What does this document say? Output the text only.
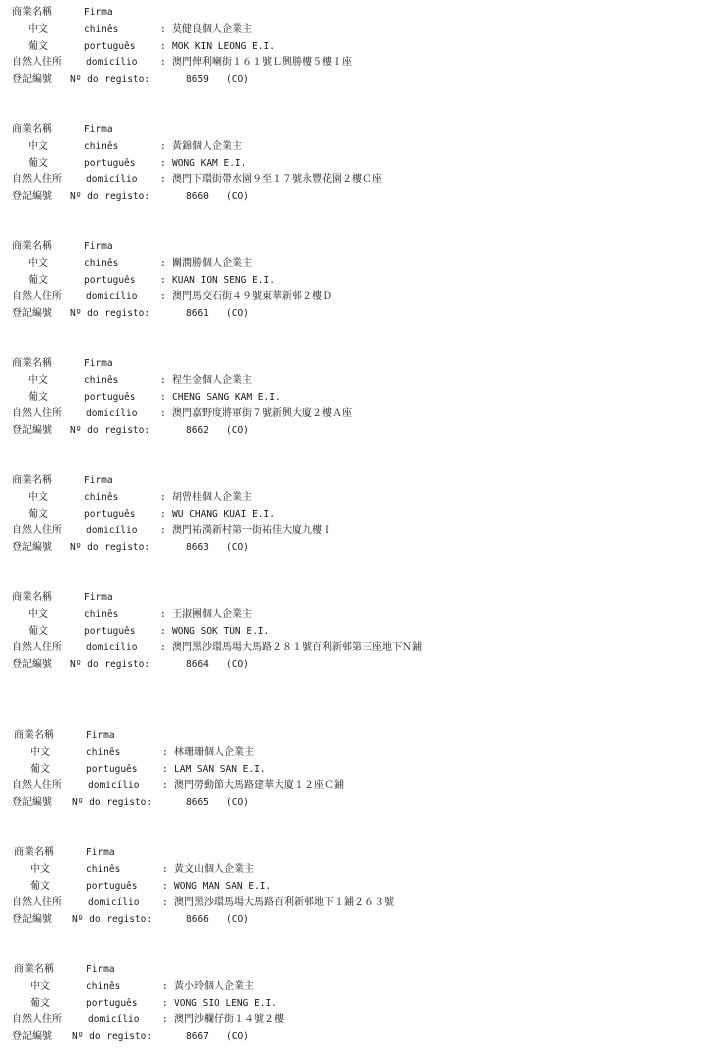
商業名稱	Firma
中文	chinês	: 莫健良個人企業主
葡文	português	: MOK KIN LEONG E.I.
自然人住所	domicílio : 澳門俾利喇街１６１號Ｌ興勝樓５樓Ｉ座
登記編號 Nº do registo:	8659 (CO)
商業名稱	Firma
中文	chinês	: 黃錦個人企業主
葡文	português	: WONG KAM E.I.
自然人住所	domicílio : 澳門下環街帶水園９至１７號永豐花園２樓Ｃ座
登記編號 Nº do registo:	8660 (CO)
商業名稱	Firma
中文	chinês	: 關潤勝個人企業主
葡文	português	: KUAN ION SENG E.I.
自然人住所	domicílio : 澳門馬交石街４９號東華新邨２樓Ｄ
登記編號 Nº do registo:	8661 (CO)
商業名稱	Firma
中文	chinês	: 程生金個人企業主
葡文	português	: CHENG SANG KAM E.I.
自然人住所	domicílio : 澳門嘉野度將軍街７號新興大廈２樓Ａ座
登記編號 Nº do registo:	8662 (CO)
商業名稱	Firma
中文	chinês	: 胡曾桂個人企業主
葡文	português	: WU CHANG KUAI E.I.
自然人住所	domicílio : 澳門祐漢新村第一街祐佳大廈九樓Ｉ
登記編號 Nº do registo:	8663 (CO)
商業名稱	Firma
中文	chinês	: 王淑團個人企業主
葡文	português	: WONG SOK TUN E.I.
自然人住所	domicílio : 澳門黑沙環馬場大馬路２８１號百利新邨第三座地下Ｎ鋪
登記編號 Nº do registo:	8664 (CO)
商業名稱	Firma
中文	chinês	: 林珊珊個人企業主
葡文	português	: LAM SAN SAN E.I.
自然人住所	domicílio : 澳門勞動節大馬路建華大廈１２座Ｃ鋪
登記編號 Nº do registo:	8665 (CO)
商業名稱	Firma
中文	chinês	: 黃文山個人企業主
葡文	português	: WONG MAN SAN E.I.
自然人住所	domicílio : 澳門黑沙環馬場大馬路百利新邨地下１鋪２６３號
登記編號 Nº do registo:	8666 (CO)
商業名稱	Firma
中文	chinês	: 黃小玲個人企業主
葡文	português	: VONG SIO LENG E.I.
自然人住所	domicílio : 澳門沙欄仔街１４號２樓
登記編號 Nº do registo:	8667 (CO)
